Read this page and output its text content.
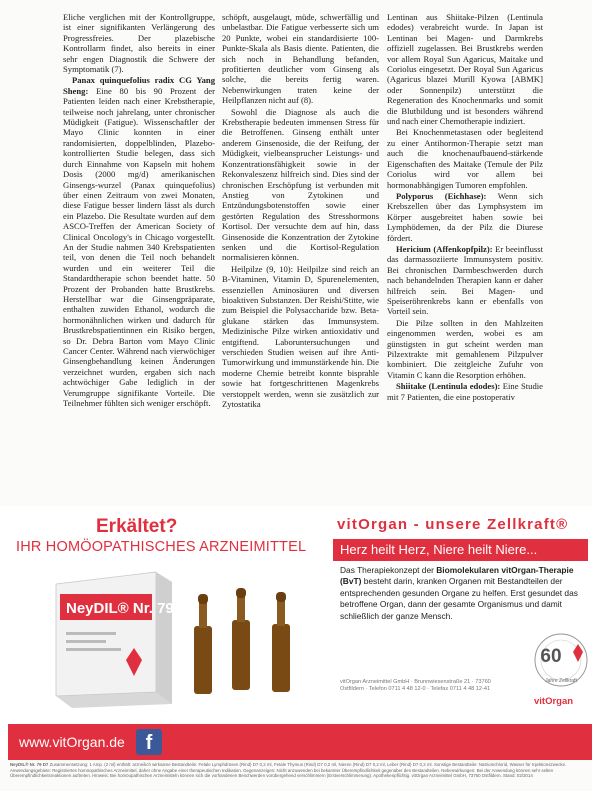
Eliche verglichen mit der Kontrollgruppe, ist einer signifikanten Verlängerung des Progressfreies. Der plazebische Kontrollarm findet, also bereits in einer sehr engen Diagnostik die Schwere der Symptomatik (7).

Panax quinquefolius radix CG Yang Sheng: Eine 80 bis 90 Prozent der Patienten leiden nach einer Krebstherapie, teilweise noch jahrelang, unter chronischer Müdigkeit (Fatigue). Wissenschaftler der Mayo Clinic konnten in einer randomisierten, doppelblinden, Plazebo-kontrollierten Studie belegen, dass sich durch Einnahme von Kapseln mit hohem Dosis (2000 mg/d) amerikanischen Ginsengs-wurzel (Panax quinquefolius) über einen Zeitraum von zwei Monaten, diese Fatigue besser lindern lässt als durch ein Plazebo. Die Resultate wurden auf dem ASCO-Treffen der American Society of Clinical Oncology's in Chicago vorgestellt. An der Studie nahmen 340 Krebspatienten teil, von denen die Teil noch behandelt wurden und ein weiterer Teil die Standardtherapie schon beendet hatte. 50 Prozent der Probanden hatte Brustkrebs. Herstellbar war die Ginsengpräparate, enthalten zuwiden Ethanol, wodurch die hormonähnlichen wirken und dadurch für Brustkrebspatientinnen ein Risiko bergen, so Dr. Debra Barton vom Mayo Clinic Cancer Center. Während nach vierwöchiger Ginsengbehandlung keinen Änderungen verzeichnet wurden, ergaben sich nach achtwöchiger Gabe lediglich in der Verumgruppe signifikante Vorteile. Die Teilnehmer fühlten sich weniger erschöpft.

schöpft, ausgelaugt, müde, schwerfällig und unbelastbar. Die Fatigue verbesserte sich um 20 Punkte, wobei ein standardisierte 100-Punkte-Skala als Basis diente. Patienten, die sich noch in Behandlung befanden, profitierten deutlicher vom Ginseng als solche, die bereits fertig waren. Nebenwirkungen traten keine der Heilpflanzen nicht auf (8).

Sowohl die Diagnose als auch die Krebstherapie bedeuten immensen Stress für die Betroffenen. Ginseng enthält unter anderem Ginsenoside, die der Reifung, der Müdigkeit, vielbeansprucher Leistungs- und Konzentrationsfähigkeit sowie in der Rekonvaleszenz hilfreich sind. Dies sind der chronischen Erschöpfung ist verbunden mit Anstieg von Zytokinen und Entzündungsbotenstoffen sowie einer gestörten Regulation des Stresshormons Kortisol. Der versuchte dem auf hin, dass Ginsenoside die Konzentration der Zytokine senken und die Kortisol-Regulation normalisieren können.

Heilpilze (9, 10): Heilpilze sind reich an B-Vitaminen, Vitamin D, Spurenelementen, essenziellen Aminosäuren und diversen bioaktiven Substanzen. Der Reishi/Stitte, wie zum Beispiel die Polysaccharide bzw. Beta-glukane stärken das Immunsystem. Medizinische Pilze wirken antioxidativ und entgiftend. Laboruntersuchungen und verschieden Studien weisen auf ihre Anti-Tumorwirkung und immunstärkende hin. Die moderne Chemie betreibt konnte bisprahle sowie hat fortgeschrittenen Magenkrebs verstoppelt werden, wenn sie zusätzlich zur Zytostatika

Lentinan aus Shiitake-Pilzen (Lentinula edodes) verabreicht wurde. In Japan ist Lentinan bei Magen- und Darmkrebs offiziell zugelassen. Bei Brustkrebs werden vor allem Royal Sun Agaricus, Maitake und Coriolus eingesetzt. Der Royal Sun Agaricus (Agaricus blazei Murill Kyowa [ABMK] oder Sonnenpilz) unterstützt die Regeneration des Knochenmarks und somit die Blutbildung und ist besonders während und nach einer Chemotherapie indiziert.

Bei Knochenmetastasen oder begleitend zu einer Antihormon-Therapie setzt man auch die knochenaufbauend-stärkende Eigenschaften des Maitake (Temule der Pilz Coriolus wird vor allem bei hormonabhängigen Tumoren empfohlen.

Polyporus (Eichhase): Wenn sich Krebszellen über das Lymphsystem im Körper ausgebreitet haben sowie bei Lymphödemen, da der Pilz die Diurese fördert.

Hericium (Affenkopfpilz): Er beeinflusst das darmassoziierte Immunsystem positiv. Bei chronischen Darmbeschwerden durch nach behandelnden Therapien kann er daher hilfreich sein. Bei Magen- und Speiseröhrenkrebs kann er ebenfalls von Vorteil sein.

Die Pilze sollten in den Mahlzeiten eingenommen werden, wobei es am günstigsten in gut scheint werden man Pilzextrakte mit gemahlenem Pilzpulver kombiniert. Die zeitgleiche Zufuhr von Vitamin C kann die Resorption erhöhen.

Shiitake (Lentinula edodes): Eine Studie mit 7 Patienten, die eine postoperativ

Erkältet?
IHR HOMÖOPATHISCHES ARZNEIMITTEL
NeyDIL® Nr. 79 D7
vitOrgan - unsere Zellkraft®
Herz heilt Herz, Niere heilt Niere...
Das Therapiekonzept der Biomolekularen vitOrgan-Therapie (BvT) besteht darin, kranken Organen mit Bestandteilen der entsprechenden gesunden Organe zu helfen. Erst gesundet das betroffene Organ, dann der gesamte Organismus und damit schließlich der ganze Mensch.
vitOrgan Arzneimittel GmbH · Brunnwiesenstraße 21 · 73760 Ostfildern · Telefon 0711 4 48 12-0 · Telefax 0711 4 48 12-41
Jahre Zellkraft
60
vitOrgan
www.vitOrgan.de	f
NeyDIL® Nr. 79 D7 Zusammensetzung: 1 Amp. (2 ml) enthält: arzneilich wirksame Bestandteile: Fetale Lymphdrüsen (Rind) D7 0,2 ml, Fetale Thymus (Rind) D7 0,2 ml, Nieren (Rind) D7 0,2 ml, Leber (Rind) D7 0,2 ml. Sonstige Bestandteile: Natriumchlorid, Wasser für Injektionszwecke. Anwendungsgebiete: Registriertes homöopathisches Arzneimittel, daher ohne Angabe einer therapeutischen Indikation. Gegenanzeigen: Nicht anzuwenden bei bekannter Überempfindlichkeit gegenüber den Bestandteilen. Nebenwirkungen: Bei der Anwendung können sehr selten Überempfindlichkeitsreaktionen auftreten. Hinweis: Bei homöopathischen Arzneimitteln können sich die vorhandenen Beschwerden vorübergehend verschlimmern (Erstverschlimmerung). Apothekenpflichtig. vitOrgan Arzneimittel GmbH, 73760 Ostfildern. Stand: 02/2014
